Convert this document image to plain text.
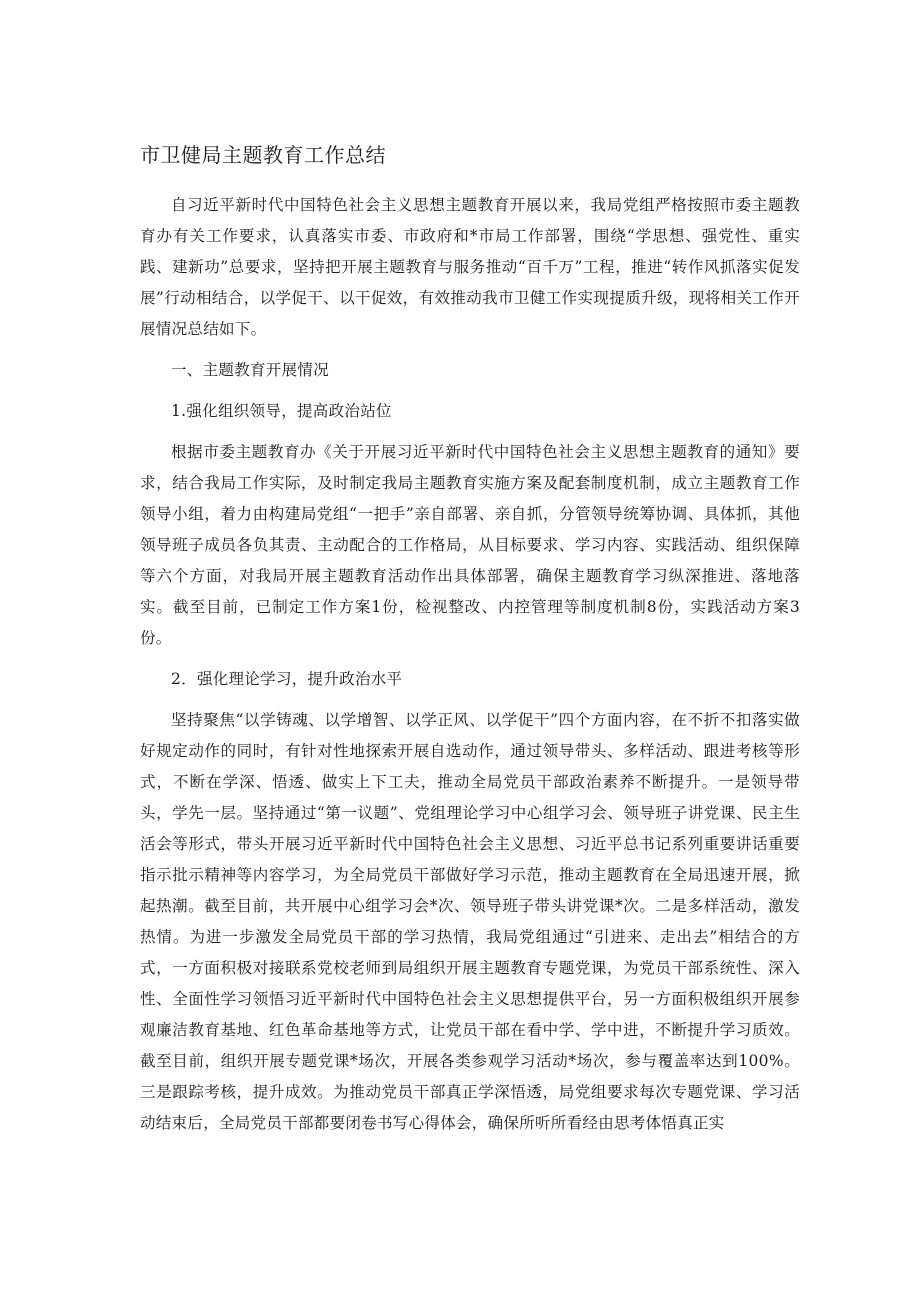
市卫健局主题教育工作总结

自习近平新时代中国特色社会主义思想主题教育开展以来，我局党组严格按照市委主题教育办有关工作要求，认真落实市委、市政府和*市局工作部署，围绕“学思想、强党性、重实践、建新功”总要求，坚持把开展主题教育与服务推动“百千万”工程，推进“转作风抓落实促发展”行动相结合，以学促干、以干促效，有效推动我市卫健工作实现提质升级，现将相关工作开展情况总结如下。

一、主题教育开展情况

1.强化组织领导，提高政治站位

根据市委主题教育办《关于开展习近平新时代中国特色社会主义思想主题教育的通知》要求，结合我局工作实际，及时制定我局主题教育实施方案及配套制度机制，成立主题教育工作领导小组，着力由构建局党组“一把手”亲自部署、亲自抓，分管领导统筹协调、具体抓，其他领导班子成员各负其责、主动配合的工作格局，从目标要求、学习内容、实践活动、组织保障等六个方面，对我局开展主题教育活动作出具体部署，确保主题教育学习纵深推进、落地落实。截至目前，已制定工作方案1份，检视整改、内控管理等制度机制8份，实践活动方案3份。

2．强化理论学习，提升政治水平

坚持聚焦“以学铸魂、以学增智、以学正风、以学促干”四个方面内容，在不折不扣落实做好规定动作的同时，有针对性地探索开展自选动作，通过领导带头、多样活动、跟进考核等形式，不断在学深、悟透、做实上下工夫，推动全局党员干部政治素养不断提升。一是领导带头，学先一层。坚持通过“第一议题”、党组理论学习中心组学习会、领导班子讲党课、民主生活会等形式，带头开展习近平新时代中国特色社会主义思想、习近平总书记系列重要讲话重要指示批示精神等内容学习，为全局党员干部做好学习示范，推动主题教育在全局迅速开展，掀起热潮。截至目前，共开展中心组学习会*次、领导班子带头讲党课*次。二是多样活动，激发热情。为进一步激发全局党员干部的学习热情，我局党组通过“引进来、走出去”相结合的方式，一方面积极对接联系党校老师到局组织开展主题教育专题党课，为党员干部系统性、深入性、全面性学习领悟习近平新时代中国特色社会主义思想提供平台，另一方面积极组织开展参观廉洁教育基地、红色革命基地等方式，让党员干部在看中学、学中进，不断提升学习质效。截至目前，组织开展专题党课*场次，开展各类参观学习活动*场次，参与覆盖率达到100%。三是跟踪考核，提升成效。为推动党员干部真正学深悟透，局党组要求每次专题党课、学习活动结束后，全局党员干部都要闭卷书写心得体会，确保所听所看经由思考体悟真正实
